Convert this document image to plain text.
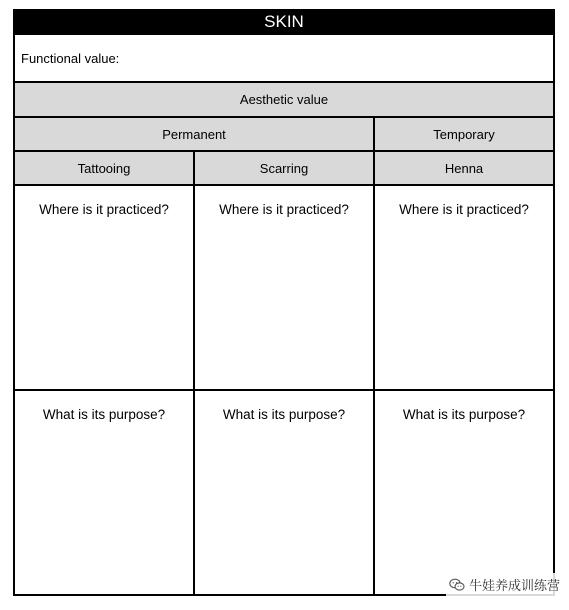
SKIN
Functional value:
Aesthetic value
Permanent	Temporary
Tattooing	Scarring	Henna
Where is it practiced?	Where is it practiced?	Where is it practiced?
What is its purpose?	What is its purpose?	What is its purpose?
牛娃养成训练营
